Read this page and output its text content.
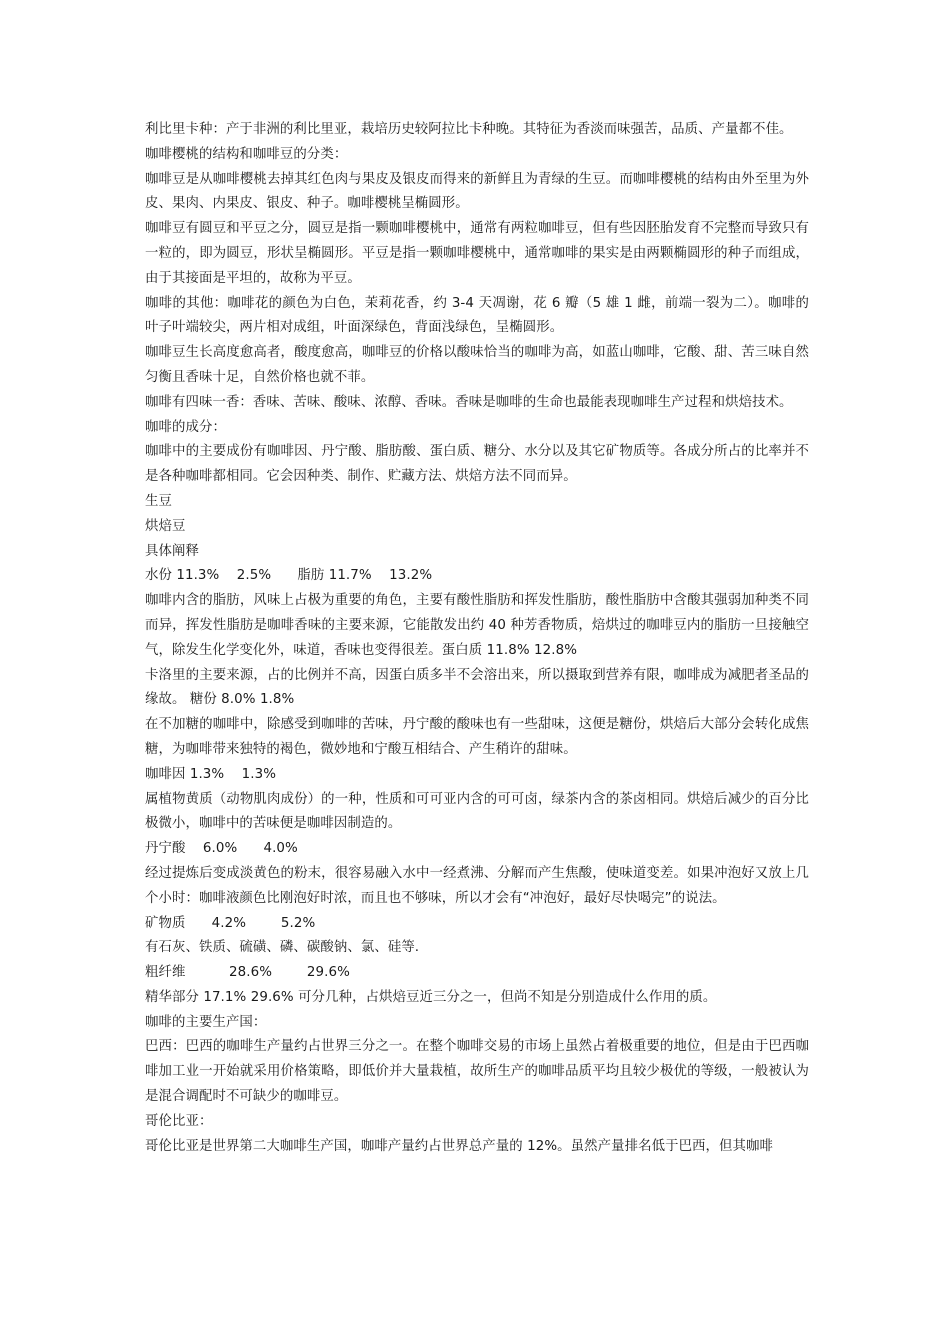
利比里卡种：产于非洲的利比里亚，栽培历史较阿拉比卡种晚。其特征为香淡而味强苦，品质、产量都不佳。

咖啡樱桃的结构和咖啡豆的分类：

咖啡豆是从咖啡樱桃去掉其红色肉与果皮及银皮而得来的新鲜且为青绿的生豆。而咖啡樱桃的结构由外至里为外皮、果肉、内果皮、银皮、种子。咖啡樱桃呈椭圆形。

咖啡豆有圆豆和平豆之分，圆豆是指一颗咖啡樱桃中，通常有两粒咖啡豆，但有些因胚胎发育不完整而导致只有一粒的，即为圆豆，形状呈椭圆形。平豆是指一颗咖啡樱桃中，通常咖啡的果实是由两颗椭圆形的种子而组成，由于其接面是平坦的，故称为平豆。

咖啡的其他：咖啡花的颜色为白色，茉莉花香，约 3-4 天凋谢，花 6 瓣（5 雄 1 雌，前端一裂为二）。咖啡的叶子叶端较尖，两片相对成组，叶面深绿色，背面浅绿色，呈椭圆形。

咖啡豆生长高度愈高者，酸度愈高，咖啡豆的价格以酸味恰当的咖啡为高，如蓝山咖啡，它酸、甜、苦三味自然匀衡且香味十足，自然价格也就不菲。

咖啡有四味一香：香味、苦味、酸味、浓醇、香味。香味是咖啡的生命也最能表现咖啡生产过程和烘焙技术。

咖啡的成分：

咖啡中的主要成份有咖啡因、丹宁酸、脂肪酸、蛋白质、糖分、水分以及其它矿物质等。各成分所占的比率并不是各种咖啡都相同。它会因种类、制作、贮藏方法、烘焙方法不同而异。

生豆

烘焙豆

具体阐释

水份 11.3%    2.5%      脂肪 11.7%    13.2%

咖啡内含的脂肪，风味上占极为重要的角色，主要有酸性脂肪和挥发性脂肪，酸性脂肪中含酸其强弱加种类不同而异，挥发性脂肪是咖啡香味的主要来源，它能散发出约 40 种芳香物质，焙烘过的咖啡豆内的脂肪一旦接触空气，除发生化学变化外，味道，香味也变得很差。蛋白质 11.8% 12.8%

卡洛里的主要来源，占的比例并不高，因蛋白质多半不会溶出来，所以摄取到营养有限，咖啡成为减肥者圣品的缘故。 糖份 8.0% 1.8%

在不加糖的咖啡中，除感受到咖啡的苦味，丹宁酸的酸味也有一些甜味，这便是糖份，烘焙后大部分会转化成焦糖，为咖啡带来独特的褐色，微妙地和宁酸互相结合、产生稍许的甜味。

咖啡因 1.3%    1.3%

属植物黄质（动物肌肉成份）的一种，性质和可可亚内含的可可卤，绿茶内含的茶卤相同。烘焙后减少的百分比极微小，咖啡中的苦味便是咖啡因制造的。

丹宁酸    6.0%      4.0%

经过提炼后变成淡黄色的粉末，很容易融入水中一经煮沸、分解而产生焦酸，使味道变差。如果冲泡好又放上几个小时：咖啡液颜色比刚泡好时浓，而且也不够味，所以才会有“冲泡好，最好尽快喝完”的说法。

矿物质      4.2%        5.2%

有石灰、铁质、硫磺、磷、碳酸钠、氯、硅等.

粗纤维          28.6%        29.6%

精华部分 17.1% 29.6% 可分几种，占烘焙豆近三分之一，但尚不知是分别造成什么作用的质。

咖啡的主要生产国：

巴西：巴西的咖啡生产量约占世界三分之一。在整个咖啡交易的市场上虽然占着极重要的地位，但是由于巴西咖啡加工业一开始就采用价格策略，即低价并大量栽植，故所生产的咖啡品质平均且较少极优的等级，一般被认为是混合调配时不可缺少的咖啡豆。

哥伦比亚：

哥伦比亚是世界第二大咖啡生产国，咖啡产量约占世界总产量的 12%。虽然产量排名低于巴西，但其咖啡
